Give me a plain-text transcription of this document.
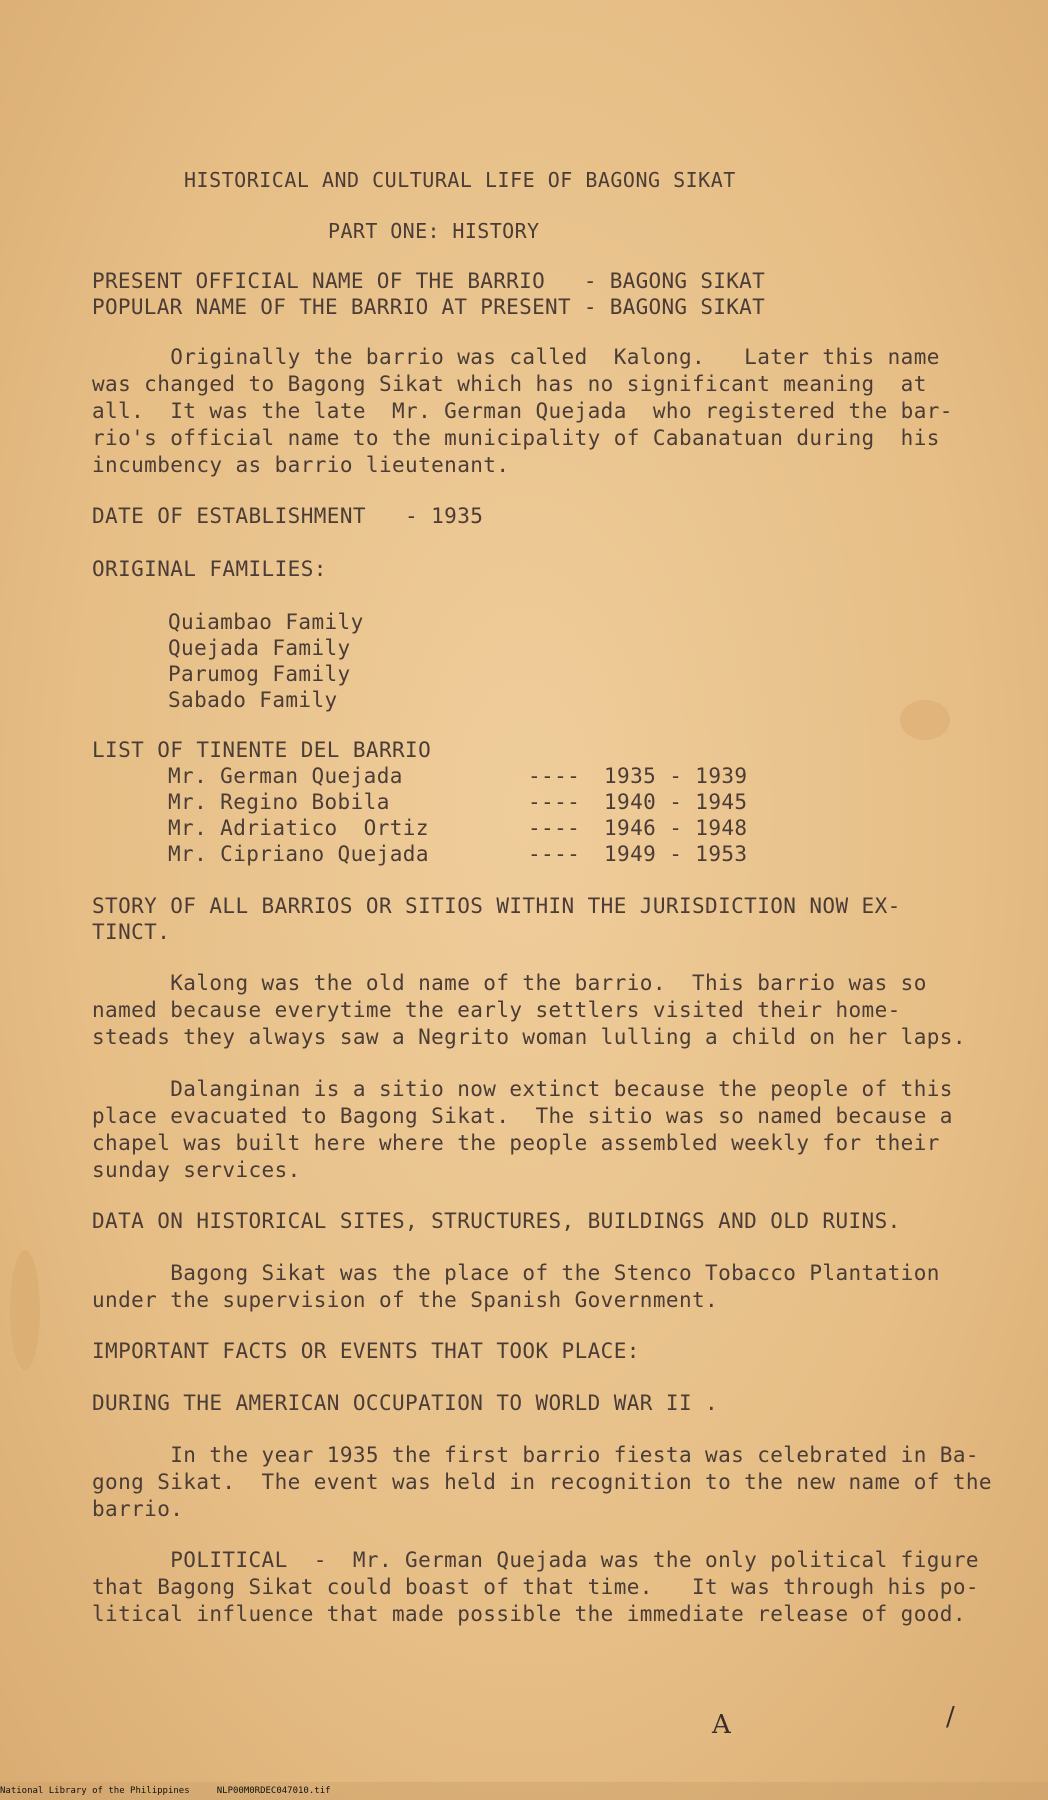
HISTORICAL AND CULTURAL LIFE OF BAGONG SIKAT
PART ONE: HISTORY
PRESENT OFFICIAL NAME OF THE BARRIO   - BAGONG SIKAT
POPULAR NAME OF THE BARRIO AT PRESENT - BAGONG SIKAT
Originally the barrio was called  Kalong.   Later this name
was changed to Bagong Sikat which has no significant meaning  at
all.  It was the late  Mr. German Quejada  who registered the bar-
rio's official name to the municipality of Cabanatuan during  his
incumbency as barrio lieutenant.
DATE OF ESTABLISHMENT   - 1935
ORIGINAL FAMILIES:
Quiambao Family
Quejada Family
Parumog Family
Sabado Family
LIST OF TINENTE DEL BARRIO
Mr. German Quejada	---- 1935 - 1939
Mr. Regino Bobila	---- 1940 - 1945
Mr. Adriatico  Ortiz	---- 1946 - 1948
Mr. Cipriano Quejada	---- 1949 - 1953
STORY OF ALL BARRIOS OR SITIOS WITHIN THE JURISDICTION NOW EX-
TINCT.
Kalong was the old name of the barrio.  This barrio was so
named because everytime the early settlers visited their home-
steads they always saw a Negrito woman lulling a child on her laps.
Dalanginan is a sitio now extinct because the people of this
place evacuated to Bagong Sikat.  The sitio was so named because a
chapel was built here where the people assembled weekly for their
sunday services.
DATA ON HISTORICAL SITES, STRUCTURES, BUILDINGS AND OLD RUINS.
Bagong Sikat was the place of the Stenco Tobacco Plantation
under the supervision of the Spanish Government.
IMPORTANT FACTS OR EVENTS THAT TOOK PLACE:
DURING THE AMERICAN OCCUPATION TO WORLD WAR II .
In the year 1935 the first barrio fiesta was celebrated in Ba-
gong Sikat.  The event was held in recognition to the new name of the
barrio.
POLITICAL  -  Mr. German Quejada was the only political figure
that Bagong Sikat could boast of that time.   It was through his po-
litical influence that made possible the immediate release of good.
A	/
National Library of the Philippines     NLP00M0RDEC047010.tif
